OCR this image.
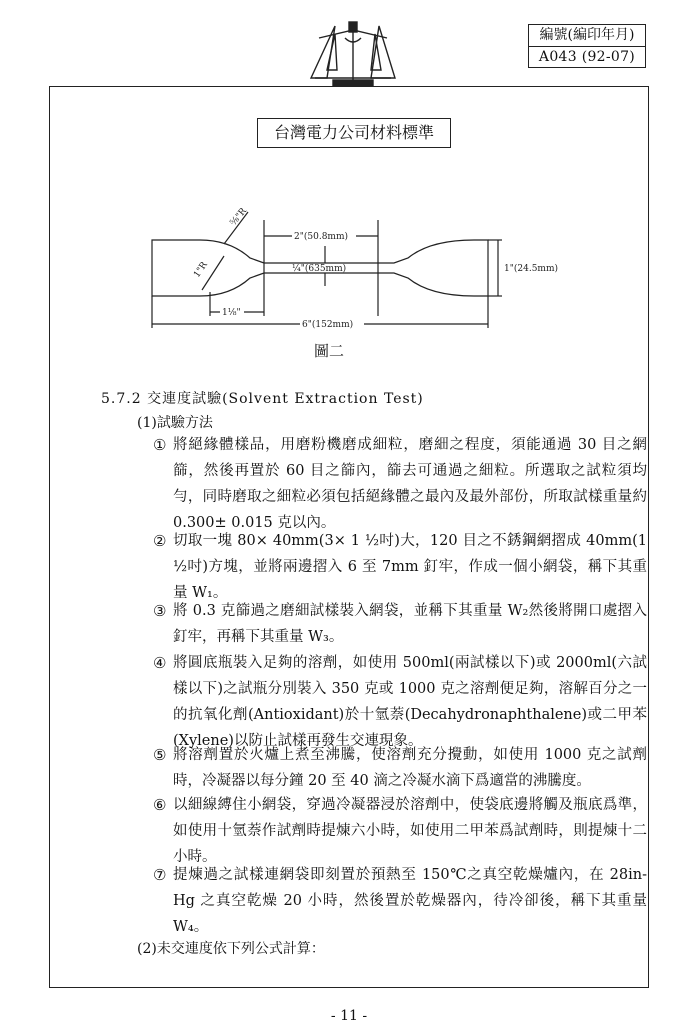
編號(編印年月)
A043 (92-07)
台灣電力公司材料標準
2"(50.8mm)
⅝"R
1"R	¼"(635mm)	1"(24.5mm)
1⅛"
6"(152mm)
圖二
5.7.2 交連度試驗(Solvent Extraction Test)
(1)試驗方法
① 將絕緣體樣品，用磨粉機磨成細粒，磨細之程度，須能通過 30 目之網篩，然後再置於 60 目之篩內，篩去可通過之細粒。所選取之試粒須均勻，同時磨取之細粒必須包括絕緣體之最內及最外部份，所取試樣重量約 0.300± 0.015 克以內。
② 切取一塊 80× 40mm(3× 1 ½吋)大，120 目之不銹鋼網摺成 40mm(1 ½吋)方塊，並將兩邊摺入 6 至 7mm 釘牢，作成一個小網袋，稱下其重量 W₁。
③ 將 0.3 克篩過之磨細試樣裝入網袋，並稱下其重量 W₂然後將開口處摺入釘牢，再稱下其重量 W₃。
④ 將圓底瓶裝入足夠的溶劑，如使用 500ml(兩試樣以下)或 2000ml(六試樣以下)之試瓶分別裝入 350 克或 1000 克之溶劑便足夠，溶解百分之一的抗氧化劑(Antioxidant)於十氫萘(Decahydronaphthalene)或二甲苯(Xylene)以防止試樣再發生交連現象。
⑤ 將溶劑置於火爐上煮至沸騰，使溶劑充分攪動，如使用 1000 克之試劑時，冷凝器以每分鐘 20 至 40 滴之冷凝水滴下爲適當的沸騰度。
⑥ 以細線縛住小網袋，穿過冷凝器浸於溶劑中，使袋底邊將觸及瓶底爲準，如使用十氫萘作試劑時提煉六小時，如使用二甲苯爲試劑時，則提煉十二小時。
⑦ 提煉過之試樣連網袋即刻置於預熱至 150℃之真空乾燥爐內，在 28in-Hg 之真空乾燥 20 小時，然後置於乾燥器內，待冷卻後，稱下其重量 W₄。
(2)未交連度依下列公式計算：
- 11 -
